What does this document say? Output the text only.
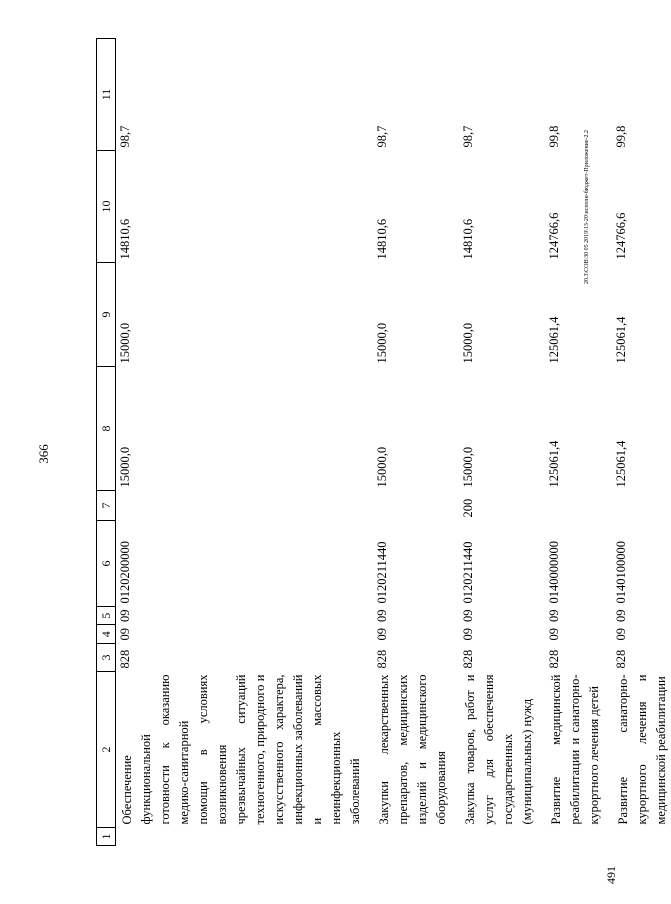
366
1	2	3	4	5	6	7	8	9	10	11
	Обеспечение функциональной готовности к оказанию медико-санитарной помощи в условиях возникновения чрезвычайных ситуаций техногенного, природного и искусственного характера, инфекционных заболеваний и массовых неинфекционных заболеваний	828	09	09	0120200000		15000,0	15000,0	14810,6	98,7

	Закупки лекарственных препаратов, медицинских изделий и медицинского оборудования	828	09	09	0120211440		15000,0	15000,0	14810,6	98,7

	Закупка товаров, работ и услуг для обеспечения государственных (муниципальных) нужд	828	09	09	0120211440	200	15000,0	15000,0	14810,6	98,7

	Развитие медицинской реабилитации и санаторно-курортного лечения детей	828	09	09	0140000000		125061,4	125061,4	124766,6	99,8

	Развитие санаторно-курортного лечения и медицинской реабилитации	828	09	09	0140100000		125061,4	125061,4	124766,6	99,8
20.3\СОВ\30 05 2019\13-20\исполн-бюджет-Приложение-2.2
491
